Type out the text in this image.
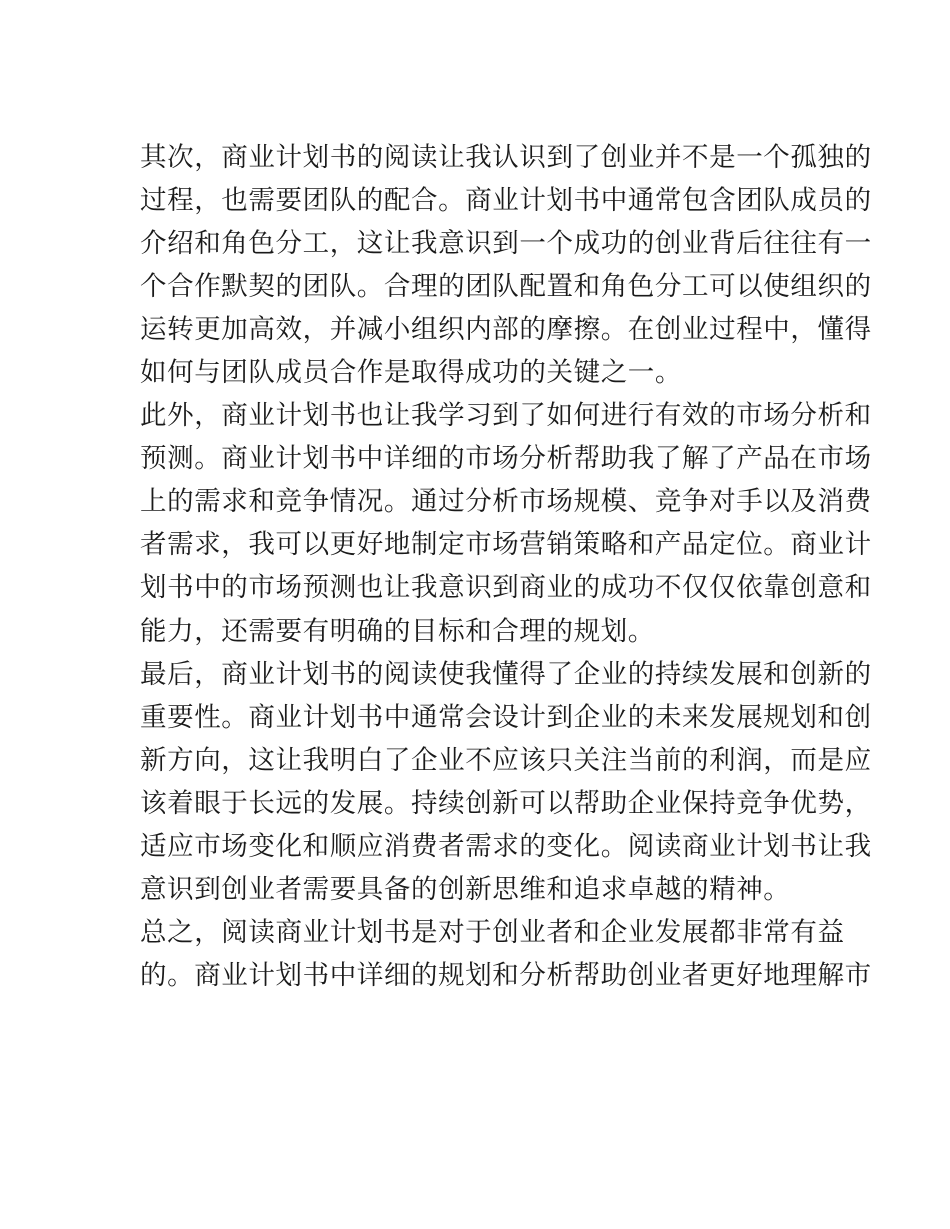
其次，商业计划书的阅读让我认识到了创业并不是一个孤独的
过程，也需要团队的配合。商业计划书中通常包含团队成员的
介绍和角色分工，这让我意识到一个成功的创业背后往往有一
个合作默契的团队。合理的团队配置和角色分工可以使组织的
运转更加高效，并减小组织内部的摩擦。在创业过程中，懂得
如何与团队成员合作是取得成功的关键之一。
此外，商业计划书也让我学习到了如何进行有效的市场分析和
预测。商业计划书中详细的市场分析帮助我了解了产品在市场
上的需求和竞争情况。通过分析市场规模、竞争对手以及消费
者需求，我可以更好地制定市场营销策略和产品定位。商业计
划书中的市场预测也让我意识到商业的成功不仅仅依靠创意和
能力，还需要有明确的目标和合理的规划。
最后，商业计划书的阅读使我懂得了企业的持续发展和创新的
重要性。商业计划书中通常会设计到企业的未来发展规划和创
新方向，这让我明白了企业不应该只关注当前的利润，而是应
该着眼于长远的发展。持续创新可以帮助企业保持竞争优势，
适应市场变化和顺应消费者需求的变化。阅读商业计划书让我
意识到创业者需要具备的创新思维和追求卓越的精神。
总之，阅读商业计划书是对于创业者和企业发展都非常有益
的。商业计划书中详细的规划和分析帮助创业者更好地理解市
